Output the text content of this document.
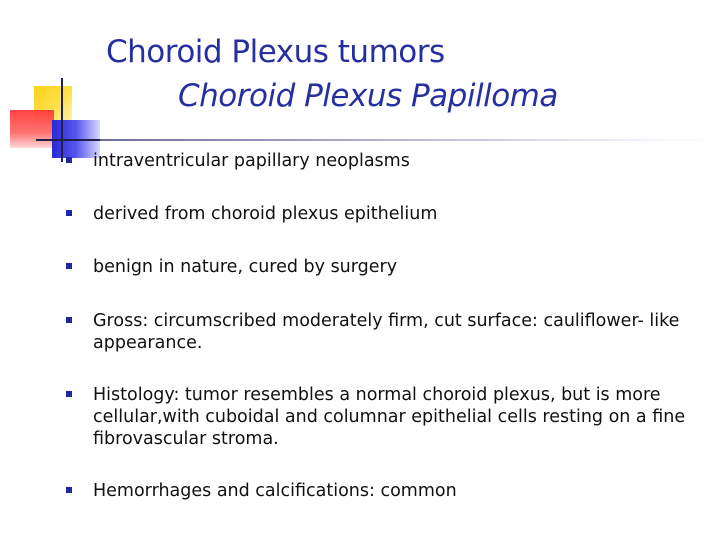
Choroid Plexus tumors
Choroid Plexus Papilloma
intraventricular papillary neoplasms
derived from choroid plexus epithelium
benign in nature, cured by surgery
Gross: circumscribed moderately firm, cut surface: cauliflower- like appearance.
Histology: tumor resembles a normal choroid plexus, but is more cellular,with cuboidal and columnar epithelial cells resting on a fine fibrovascular stroma.
Hemorrhages and calcifications: common
